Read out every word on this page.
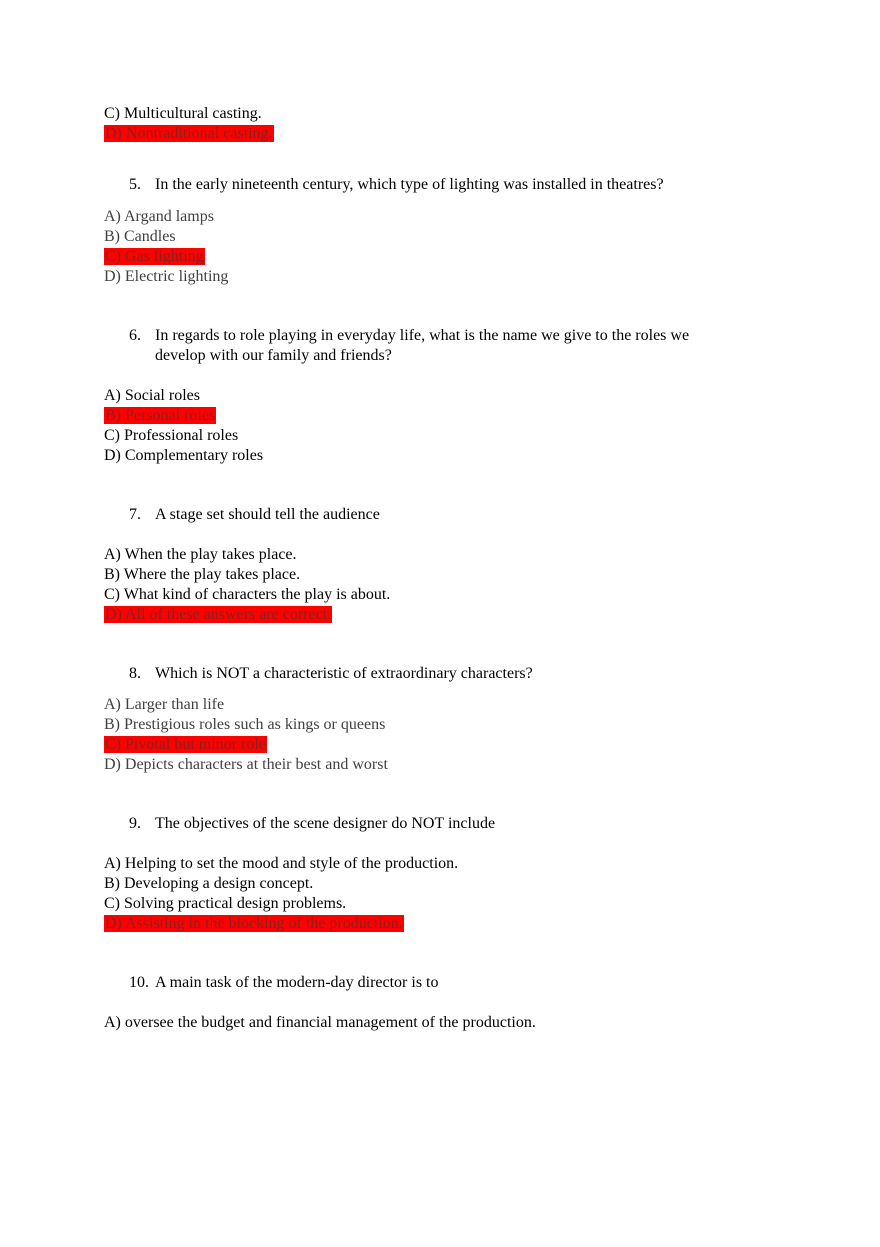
C) Multicultural casting.
D) Nontraditional casting.
5. In the early nineteenth century, which type of lighting was installed in theatres?
A) Argand lamps
B) Candles
C) Gas lighting
D) Electric lighting
6. In regards to role playing in everyday life, what is the name we give to the roles we
develop with our family and friends?
A) Social roles
B) Personal roles
C) Professional roles
D) Complementary roles
7. A stage set should tell the audience
A) When the play takes place.
B) Where the play takes place.
C) What kind of characters the play is about.
D) All of these answers are correct.
8. Which is NOT a characteristic of extraordinary characters?
A) Larger than life
B) Prestigious roles such as kings or queens
C) Pivotal but minor role
D) Depicts characters at their best and worst
9. The objectives of the scene designer do NOT include
A) Helping to set the mood and style of the production.
B) Developing a design concept.
C) Solving practical design problems.
D) Assisting in the blocking of the production.
10. A main task of the modern-day director is to
A) oversee the budget and financial management of the production.
